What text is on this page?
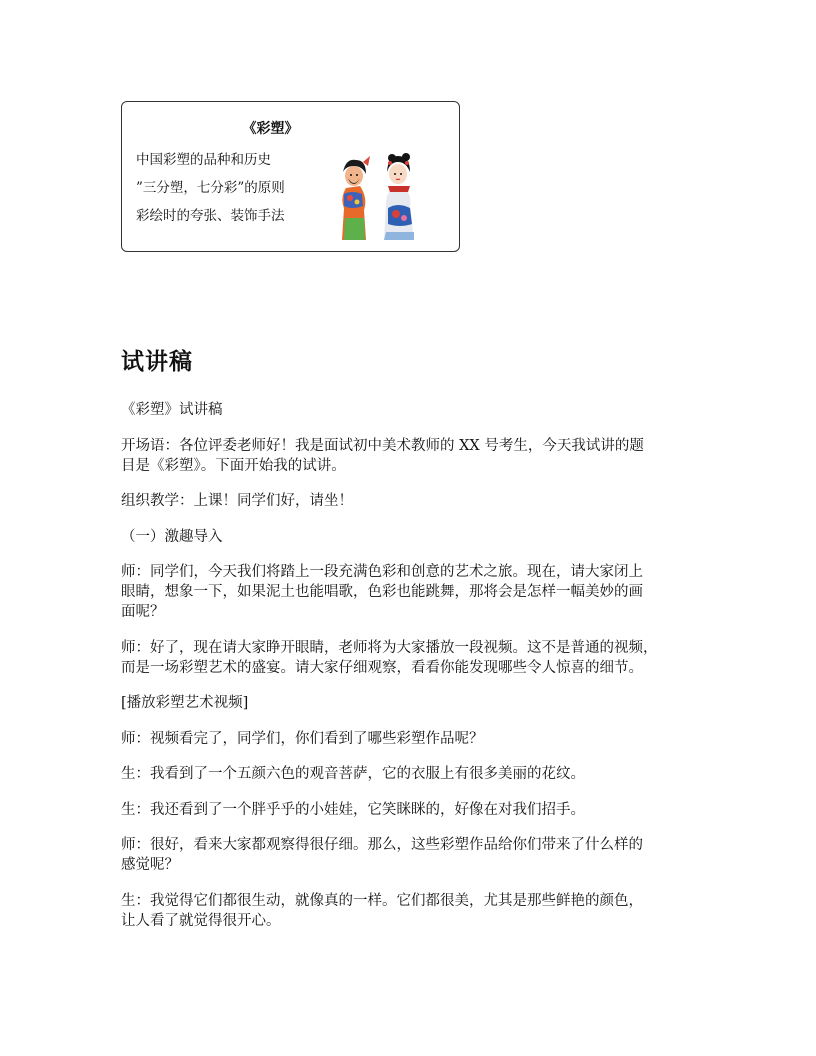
《彩塑》
中国彩塑的品种和历史
”三分塑，七分彩”的原则
彩绘时的夸张、装饰手法
试讲稿

《彩塑》试讲稿

开场语：各位评委老师好！我是面试初中美术教师的 XX 号考生，今天我试讲的题
目是《彩塑》。下面开始我的试讲。

组织教学：上课！同学们好，请坐！

（一）激趣导入

师：同学们，今天我们将踏上一段充满色彩和创意的艺术之旅。现在，请大家闭上
眼睛，想象一下，如果泥土也能唱歌，色彩也能跳舞，那将会是怎样一幅美妙的画
面呢？

师：好了，现在请大家睁开眼睛，老师将为大家播放一段视频。这不是普通的视频，
而是一场彩塑艺术的盛宴。请大家仔细观察，看看你能发现哪些令人惊喜的细节。

[播放彩塑艺术视频]

师：视频看完了，同学们，你们看到了哪些彩塑作品呢？

生：我看到了一个五颜六色的观音菩萨，它的衣服上有很多美丽的花纹。

生：我还看到了一个胖乎乎的小娃娃，它笑眯眯的，好像在对我们招手。

师：很好，看来大家都观察得很仔细。那么，这些彩塑作品给你们带来了什么样的
感觉呢？

生：我觉得它们都很生动，就像真的一样。它们都很美，尤其是那些鲜艳的颜色，
让人看了就觉得很开心。
